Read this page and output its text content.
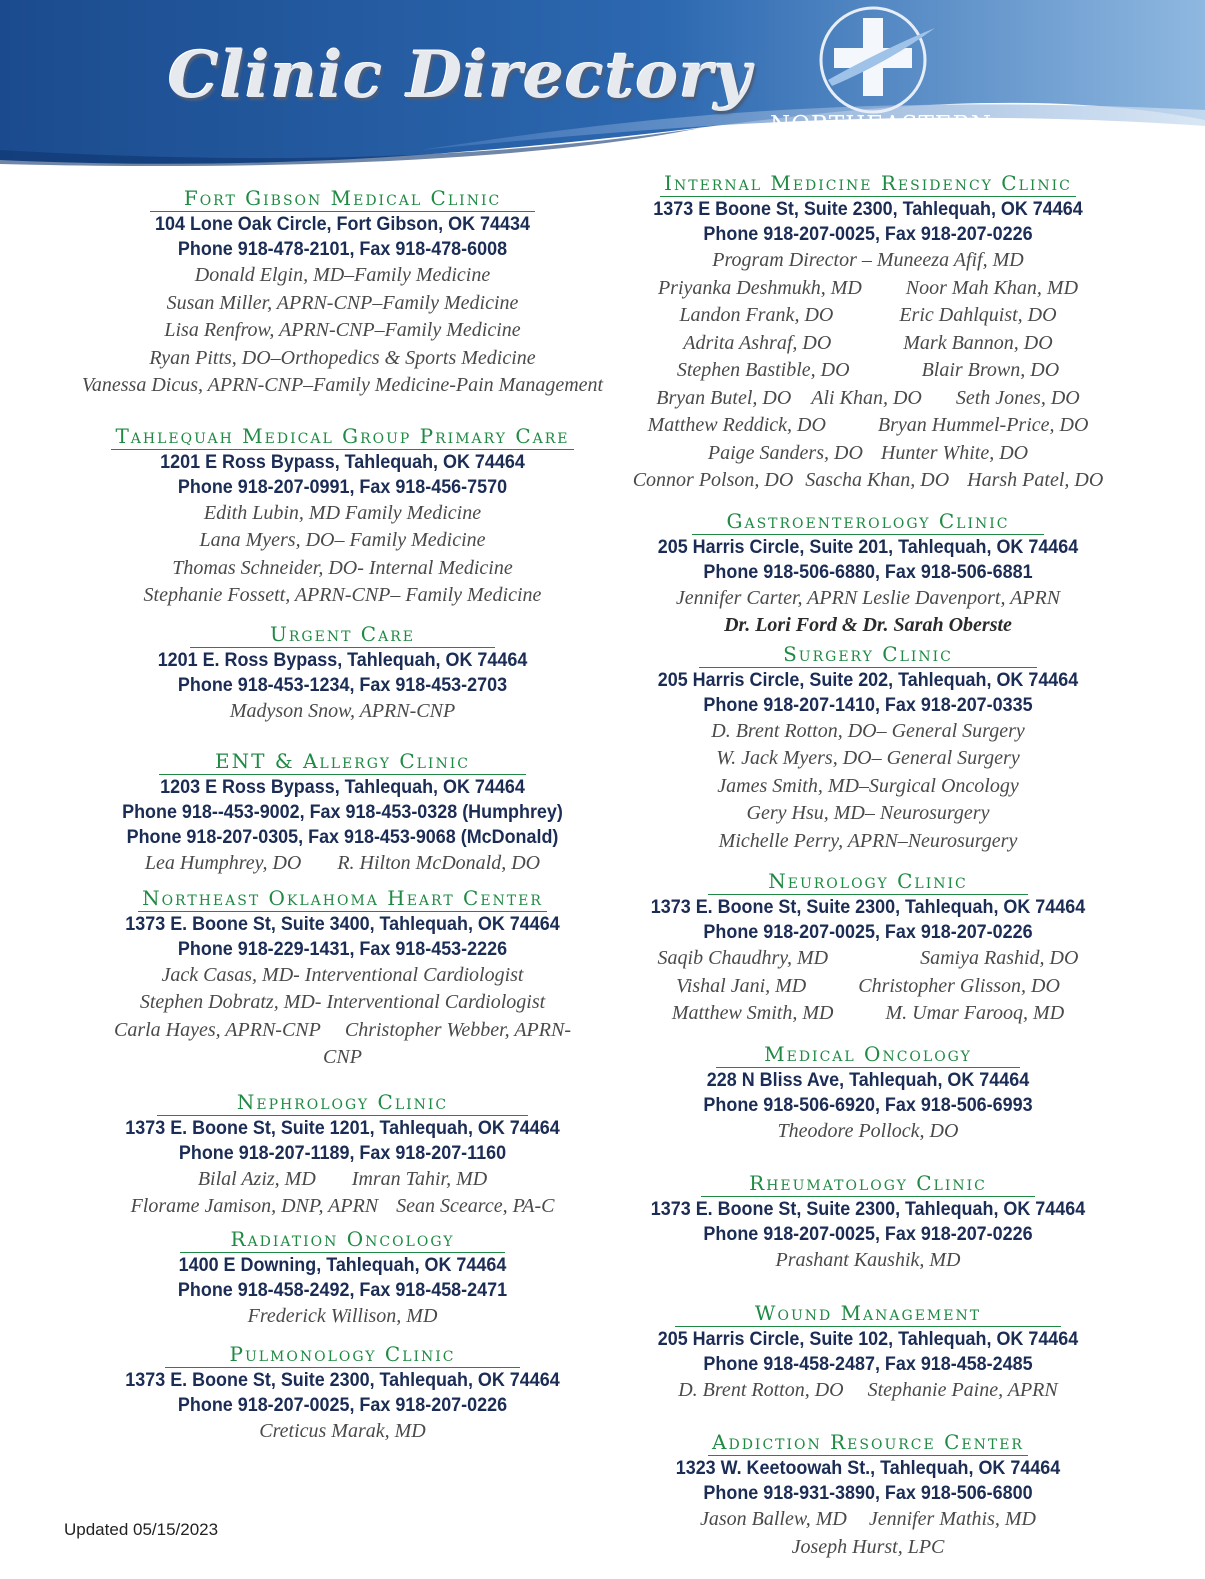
Clinic Directory
NORTHEASTERN
HEALTH SYSTEM
Fort Gibson Medical Clinic
104 Lone Oak Circle, Fort Gibson, OK 74434
Phone 918-478-2101, Fax 918-478-6008
Donald Elgin, MD–Family Medicine
Susan Miller, APRN-CNP–Family Medicine
Lisa Renfrow, APRN-CNP–Family Medicine
Ryan Pitts, DO–Orthopedics & Sports Medicine
Vanessa Dicus, APRN-CNP–Family Medicine-Pain Management
Tahlequah Medical Group Primary Care
1201 E Ross Bypass, Tahlequah, OK 74464
Phone 918-207-0991, Fax 918-456-7570
Edith Lubin, MD Family Medicine
Lana Myers, DO– Family Medicine
Thomas Schneider, DO- Internal Medicine
Stephanie Fossett, APRN-CNP– Family Medicine
Urgent Care
1201 E. Ross Bypass, Tahlequah, OK 74464
Phone 918-453-1234, Fax 918-453-2703
Madyson Snow, APRN-CNP
ENT & Allergy Clinic
1203 E Ross Bypass, Tahlequah, OK 74464
Phone 918--453-9002, Fax 918-453-0328 (Humphrey)
Phone 918-207-0305, Fax 918-453-9068 (McDonald)
Lea Humphrey, DO R. Hilton McDonald, DO
Northeast Oklahoma Heart Center
1373 E. Boone St, Suite 3400, Tahlequah, OK 74464
Phone 918-229-1431, Fax 918-453-2226
Jack Casas, MD- Interventional Cardiologist
Stephen Dobratz, MD- Interventional Cardiologist
Carla Hayes, APRN-CNP Christopher Webber, APRN-
CNP
Nephrology Clinic
1373 E. Boone St, Suite 1201, Tahlequah, OK 74464
Phone 918-207-1189, Fax 918-207-1160
Bilal Aziz, MD Imran Tahir, MD
Florame Jamison, DNP, APRN Sean Scearce, PA-C
Radiation Oncology
1400 E Downing, Tahlequah, OK 74464
Phone 918-458-2492, Fax 918-458-2471
Frederick Willison, MD
Pulmonology Clinic
1373 E. Boone St, Suite 2300, Tahlequah, OK 74464
Phone 918-207-0025, Fax 918-207-0226
Creticus Marak, MD
Internal Medicine Residency Clinic
1373 E Boone St, Suite 2300, Tahlequah, OK 74464
Phone 918-207-0025, Fax 918-207-0226
Program Director – Muneeza Afif, MD
Priyanka Deshmukh, MD Noor Mah Khan, MD
Landon Frank, DO	Eric Dahlquist, DO
Adrita Ashraf, DO	Mark Bannon, DO
Stephen Bastible, DO	Blair Brown, DO
Bryan Butel, DO Ali Khan, DO Seth Jones, DO
Matthew Reddick, DO	Bryan Hummel-Price, DO
Paige Sanders, DO Hunter White, DO
Connor Polson, DO Sascha Khan, DO Harsh Patel, DO
Gastroenterology Clinic
205 Harris Circle, Suite 201, Tahlequah, OK 74464
Phone 918-506-6880, Fax 918-506-6881
Jennifer Carter, APRN Leslie Davenport, APRN
Dr. Lori Ford & Dr. Sarah Oberste
Surgery Clinic
205 Harris Circle, Suite 202, Tahlequah, OK 74464
Phone 918-207-1410, Fax 918-207-0335
D. Brent Rotton, DO– General Surgery
W. Jack Myers, DO– General Surgery
James Smith, MD–Surgical Oncology
Gery Hsu, MD– Neurosurgery
Michelle Perry, APRN–Neurosurgery
Neurology Clinic
1373 E. Boone St, Suite 2300, Tahlequah, OK 74464
Phone 918-207-0025, Fax 918-207-0226
Saqib Chaudhry, MD	Samiya Rashid, DO
Vishal Jani, MD	Christopher Glisson, DO
Matthew Smith, MD	M. Umar Farooq, MD
Medical Oncology
228 N Bliss Ave, Tahlequah, OK 74464
Phone 918-506-6920, Fax 918-506-6993
Theodore Pollock, DO
Rheumatology Clinic
1373 E. Boone St, Suite 2300, Tahlequah, OK 74464
Phone 918-207-0025, Fax 918-207-0226
Prashant Kaushik, MD
Wound Management
205 Harris Circle, Suite 102, Tahlequah, OK 74464
Phone 918-458-2487, Fax 918-458-2485
D. Brent Rotton, DO Stephanie Paine, APRN
Addiction Resource Center
1323 W. Keetoowah St., Tahlequah, OK 74464
Phone 918-931-3890, Fax 918-506-6800
Jason Ballew, MD Jennifer Mathis, MD
Joseph Hurst, LPC
Updated 05/15/2023
